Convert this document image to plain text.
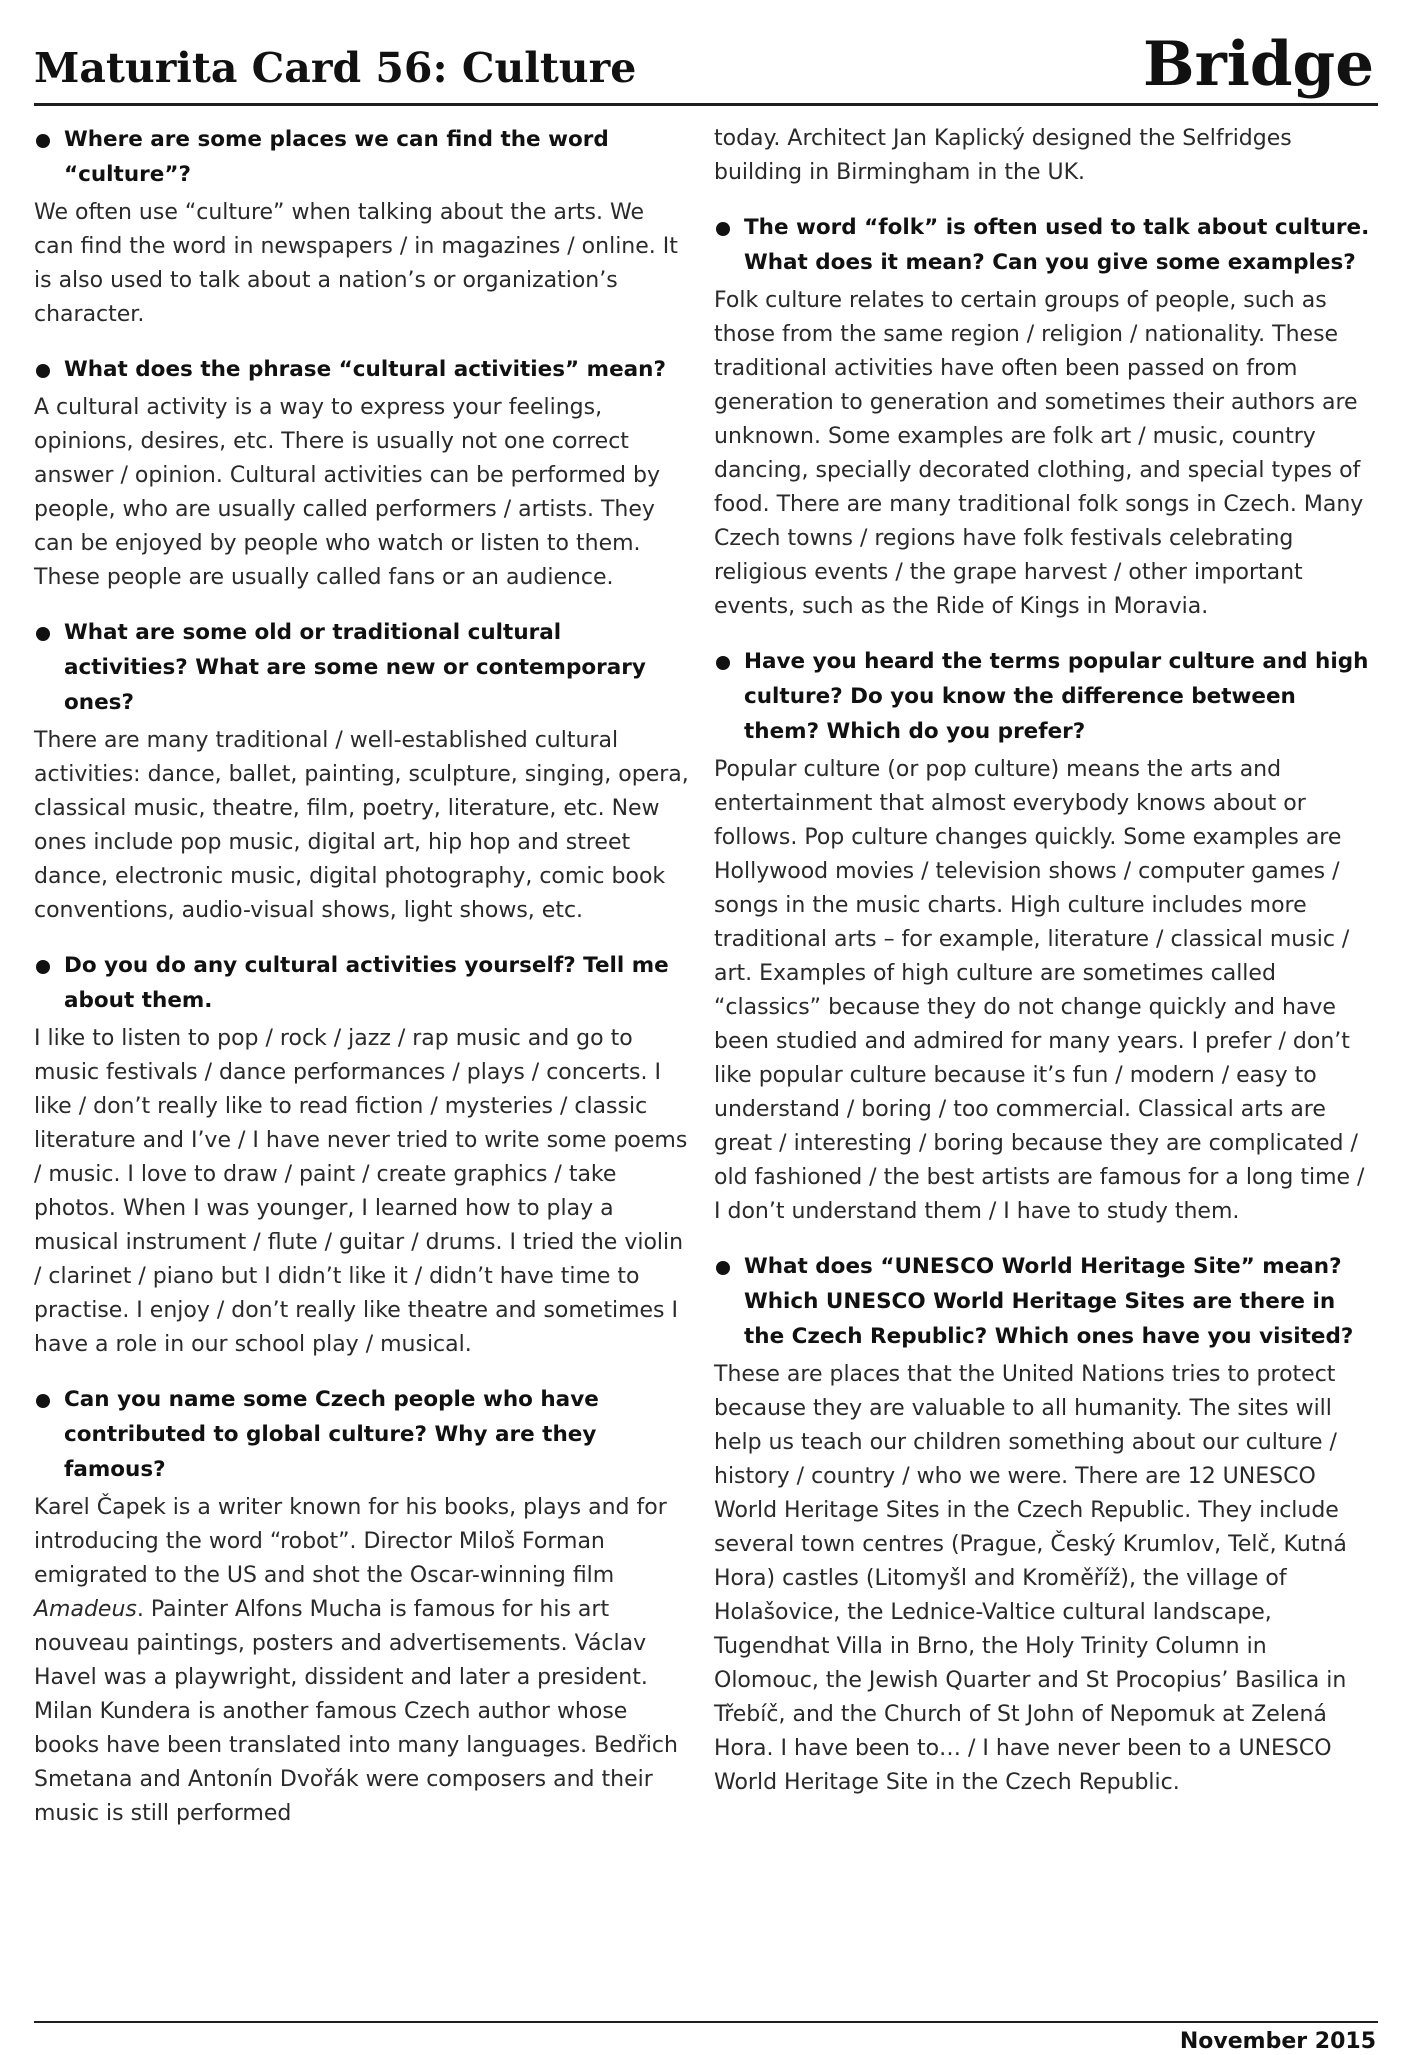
Maturita Card 56: Culture	Bridge

Where are some places we can find the word “culture”?

We often use “culture” when talking about the arts. We can find the word in newspapers / in magazines / online. It is also used to talk about a nation’s or organization’s character.

What does the phrase “cultural activities” mean?

A cultural activity is a way to express your feelings, opinions, desires, etc. There is usually not one correct answer / opinion. Cultural activities can be performed by people, who are usually called performers / artists. They can be enjoyed by people who watch or listen to them. These people are usually called fans or an audience.

What are some old or traditional cultural activities? What are some new or contemporary ones?

There are many traditional / well-established cultural activities: dance, ballet, painting, sculpture, singing, opera, classical music, theatre, film, poetry, literature, etc. New ones include pop music, digital art, hip hop and street dance, electronic music, digital photography, comic book conventions, audio-visual shows, light shows, etc.

Do you do any cultural activities yourself? Tell me about them.

I like to listen to pop / rock / jazz / rap music and go to music festivals / dance performances / plays / concerts. I like / don’t really like to read fiction / mysteries / classic literature and I’ve / I have never tried to write some poems / music. I love to draw / paint / create graphics / take photos. When I was younger, I learned how to play a musical instrument / flute / guitar / drums. I tried the violin / clarinet / piano but I didn’t like it / didn’t have time to practise. I enjoy / don’t really like theatre and sometimes I have a role in our school play / musical.

Can you name some Czech people who have contributed to global culture? Why are they famous?

Karel Čapek is a writer known for his books, plays and for introducing the word “robot”. Director Miloš Forman emigrated to the US and shot the Oscar-winning film Amadeus. Painter Alfons Mucha is famous for his art nouveau paintings, posters and advertisements. Václav Havel was a playwright, dissident and later a president. Milan Kundera is another famous Czech author whose books have been translated into many languages. Bedřich Smetana and Antonín Dvořák were composers and their music is still performed

today. Architect Jan Kaplický designed the Selfridges building in Birmingham in the UK.

The word “folk” is often used to talk about culture. What does it mean? Can you give some examples?

Folk culture relates to certain groups of people, such as those from the same region / religion / nationality. These traditional activities have often been passed on from generation to generation and sometimes their authors are unknown. Some examples are folk art / music, country dancing, specially decorated clothing, and special types of food. There are many traditional folk songs in Czech. Many Czech towns / regions have folk festivals celebrating religious events / the grape harvest / other important events, such as the Ride of Kings in Moravia.

Have you heard the terms popular culture and high culture? Do you know the difference between them? Which do you prefer?

Popular culture (or pop culture) means the arts and entertainment that almost everybody knows about or follows. Pop culture changes quickly. Some examples are Hollywood movies / television shows / computer games / songs in the music charts. High culture includes more traditional arts – for example, literature / classical music / art. Examples of high culture are sometimes called “classics” because they do not change quickly and have been studied and admired for many years. I prefer / don’t like popular culture because it’s fun / modern / easy to understand / boring / too commercial. Classical arts are great / interesting / boring because they are complicated / old fashioned / the best artists are famous for a long time / I don’t understand them / I have to study them.

What does “UNESCO World Heritage Site” mean? Which UNESCO World Heritage Sites are there in the Czech Republic? Which ones have you visited?

These are places that the United Nations tries to protect because they are valuable to all humanity. The sites will help us teach our children something about our culture / history / country / who we were. There are 12 UNESCO World Heritage Sites in the Czech Republic. They include several town centres (Prague, Český Krumlov, Telč, Kutná Hora) castles (Litomyšl and Kroměříž), the village of Holašovice, the Lednice-Valtice cultural landscape, Tugendhat Villa in Brno, the Holy Trinity Column in Olomouc, the Jewish Quarter and St Procopius’ Basilica in Třebíč, and the Church of St John of Nepomuk at Zelená Hora. I have been to… / I have never been to a UNESCO World Heritage Site in the Czech Republic.

November 2015
